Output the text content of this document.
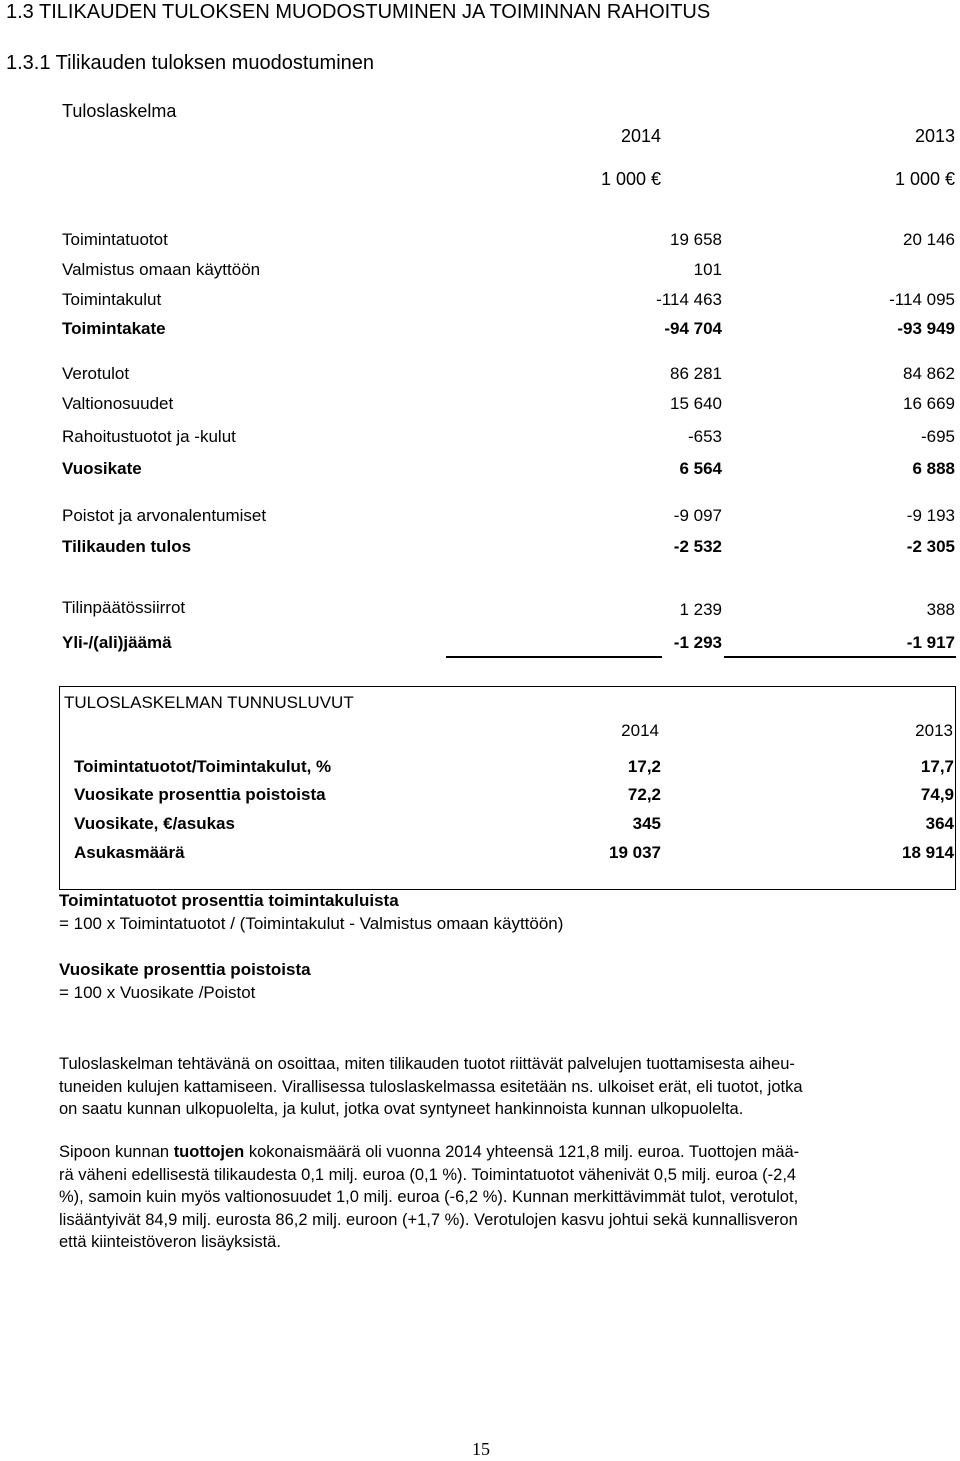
1.3 TILIKAUDEN TULOKSEN MUODOSTUMINEN JA TOIMINNAN RAHOITUS
1.3.1 Tilikauden tuloksen muodostuminen
Tuloslaskelma
2014	2013
1 000 €	1 000 €
Toimintatuotot	19 658	20 146
Valmistus omaan käyttöön	101
Toimintakulut	-114 463	-114 095
Toimintakate	-94 704	-93 949
Verotulot	86 281	84 862
Valtionosuudet	15 640	16 669
Rahoitustuotot ja -kulut	-653	-695
Vuosikate	6 564	6 888
Poistot ja arvonalentumiset	-9 097	-9 193
Tilikauden tulos	-2 532	-2 305
Tilinpäätössiirrot	1 239	388
Yli-/(ali)jäämä	-1 293	-1 917
TULOSLASKELMAN TUNNUSLUVUT
2014	2013
Toimintatuotot/Toimintakulut, %	17,2	17,7
Vuosikate prosenttia poistoista	72,2	74,9
Vuosikate, €/asukas	345	364
Asukasmäärä	19 037	18 914
Toimintatuotot prosenttia toimintakuluista
= 100 x Toimintatuotot / (Toimintakulut - Valmistus omaan käyttöön)
Vuosikate prosenttia poistoista
= 100 x Vuosikate /Poistot
Tuloslaskelman tehtävänä on osoittaa, miten tilikauden tuotot riittävät palvelujen tuottamisesta aiheu-
tuneiden kulujen kattamiseen. Virallisessa tuloslaskelmassa esitetään ns. ulkoiset erät, eli tuotot, jotka
on saatu kunnan ulkopuolelta, ja kulut, jotka ovat syntyneet hankinnoista kunnan ulkopuolelta.
Sipoon kunnan tuottojen kokonaismäärä oli vuonna 2014 yhteensä 121,8 milj. euroa. Tuottojen mää-
rä väheni edellisestä tilikaudesta 0,1 milj. euroa (0,1 %). Toimintatuotot vähenivät 0,5 milj. euroa (-2,4
%), samoin kuin myös valtionosuudet 1,0 milj. euroa (-6,2 %). Kunnan merkittävimmät tulot, verotulot,
lisääntyivät 84,9 milj. eurosta 86,2 milj. euroon (+1,7 %). Verotulojen kasvu johtui sekä kunnallisveron
että kiinteistöveron lisäyksistä.
15
